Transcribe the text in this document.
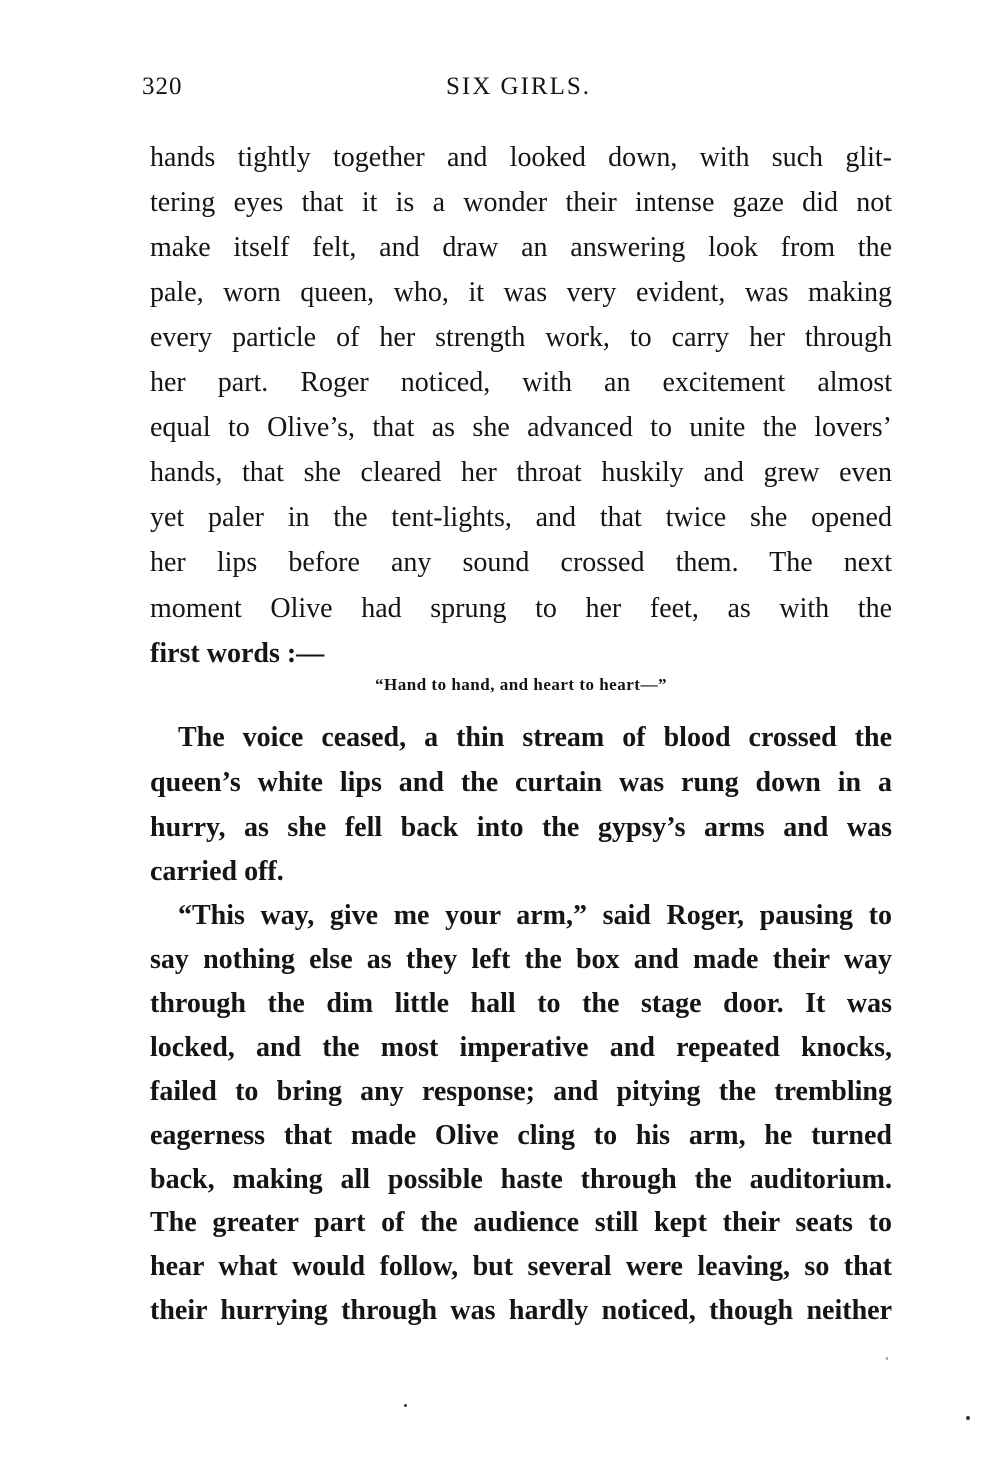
320	SIX GIRLS.
hands tightly together and looked down, with such glit-
tering eyes that it is a wonder their intense gaze did not
make itself felt, and draw an answering look from the
pale, worn queen, who, it was very evident, was making
every particle of her strength work, to carry her through
her part. Roger noticed, with an excitement almost
equal to Olive’s, that as she advanced to unite the lovers’
hands, that she cleared her throat huskily and grew even
yet paler in the tent-lights, and that twice she opened
her lips before any sound crossed them. The next
moment Olive had sprung to her feet, as with the
first words :—
“Hand to hand, and heart to heart—”
The voice ceased, a thin stream of blood crossed the
queen’s white lips and the curtain was rung down in a
hurry, as she fell back into the gypsy’s arms and was
carried off.
“This way, give me your arm,” said Roger, pausing to
say nothing else as they left the box and made their way
through the dim little hall to the stage door. It was
locked, and the most imperative and repeated knocks,
failed to bring any response; and pitying the trembling
eagerness that made Olive cling to his arm, he turned
back, making all possible haste through the auditorium.
The greater part of the audience still kept their seats to
hear what would follow, but several were leaving, so that
their hurrying through was hardly noticed, though neither
